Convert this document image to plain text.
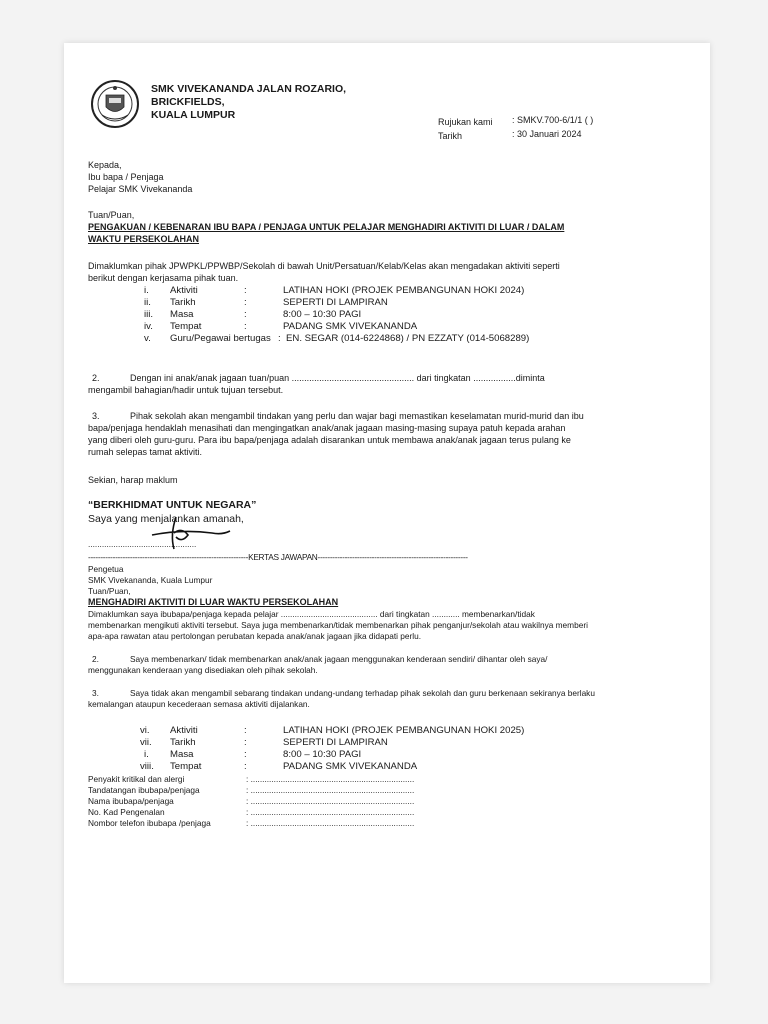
SMK VIVEKANANDA JALAN ROZARIO,
BRICKFIELDS,
KUALA LUMPUR
Rujukan kami : SMKV.700-6/1/1 ( )
Tarikh	: 30 Januari 2024
Kepada,
Ibu bapa / Penjaga
Pelajar SMK Vivekananda
Tuan/Puan,
PENGAKUAN / KEBENARAN IBU BAPA / PENJAGA UNTUK PELAJAR MENGHADIRI AKTIVITI DI LUAR / DALAM
WAKTU PERSEKOLAHAN
Dimaklumkan pihak JPWPKL/PPWBP/Sekolah di bawah Unit/Persatuan/Kelab/Kelas akan mengadakan aktiviti seperti
berikut dengan kerjasama pihak tuan.
i. Aktiviti	:	LATIHAN HOKI (PROJEK PEMBANGUNAN HOKI 2024)
ii. Tarikh	:	SEPERTI DI LAMPIRAN
iii. Masa	:	8:00 – 10:30 PAGI
iv. Tempat	:	PADANG SMK VIVEKANANDA
v. Guru/Pegawai bertugas : EN. SEGAR (014-6224868) / PN EZZATY (014-5068289)
2.	Dengan ini anak/anak jagaan tuan/puan ................................................. dari tingkatan .................diminta
mengambil bahagian/hadir untuk tujuan tersebut.
3.	Pihak sekolah akan mengambil tindakan yang perlu dan wajar bagi memastikan keselamatan murid-murid dan ibu
bapa/penjaga hendaklah menasihati dan mengingatkan anak/anak jagaan masing-masing supaya patuh kepada arahan
yang diberi oleh guru-guru. Para ibu bapa/penjaga adalah disarankan untuk membawa anak/anak jagaan terus pulang ke
rumah selepas tamat aktiviti.
Sekian, harap maklum
“BERKHIDMAT UNTUK NEGARA”
Saya yang menjalankan amanah,
...............................................
-----------------------------------------------------------------KERTAS JAWAPAN-------------------------------------------------------------
Pengetua
SMK Vivekananda, Kuala Lumpur
Tuan/Puan,
MENGHADIRI AKTIVITI DI LUAR WAKTU PERSEKOLAHAN
Dimaklumkan saya ibubapa/penjaga kepada pelajar .......................................... dari tingkatan ............ membenarkan/tidak
membenarkan mengikuti aktiviti tersebut. Saya juga membenarkan/tidak membenarkan pihak penganjur/sekolah atau wakilnya memberi
apa-apa rawatan atau pertolongan perubatan kepada anak/anak jagaan jika didapati perlu.
2.	Saya membenarkan/ tidak membenarkan anak/anak jagaan menggunakan kenderaan sendiri/ dihantar oleh saya/
menggunakan kenderaan yang disediakan oleh pihak sekolah.
3.	Saya tidak akan mengambil sebarang tindakan undang-undang terhadap pihak sekolah dan guru berkenaan sekiranya berlaku
kemalangan ataupun kecederaan semasa aktiviti dijalankan.
vi. Aktiviti	:	LATIHAN HOKI (PROJEK PEMBANGUNAN HOKI 2025)
vii. Tarikh	:	SEPERTI DI LAMPIRAN
i. Masa	:	8:00 – 10:30 PAGI
viii. Tempat	:	PADANG SMK VIVEKANANDA
Penyakit kritikal dan alergi	: .......................................................................
Tandatangan ibubapa/penjaga	: .......................................................................
Nama ibubapa/penjaga	: .......................................................................
No. Kad Pengenalan	: .......................................................................
Nombor telefon ibubapa /penjaga	: .......................................................................
